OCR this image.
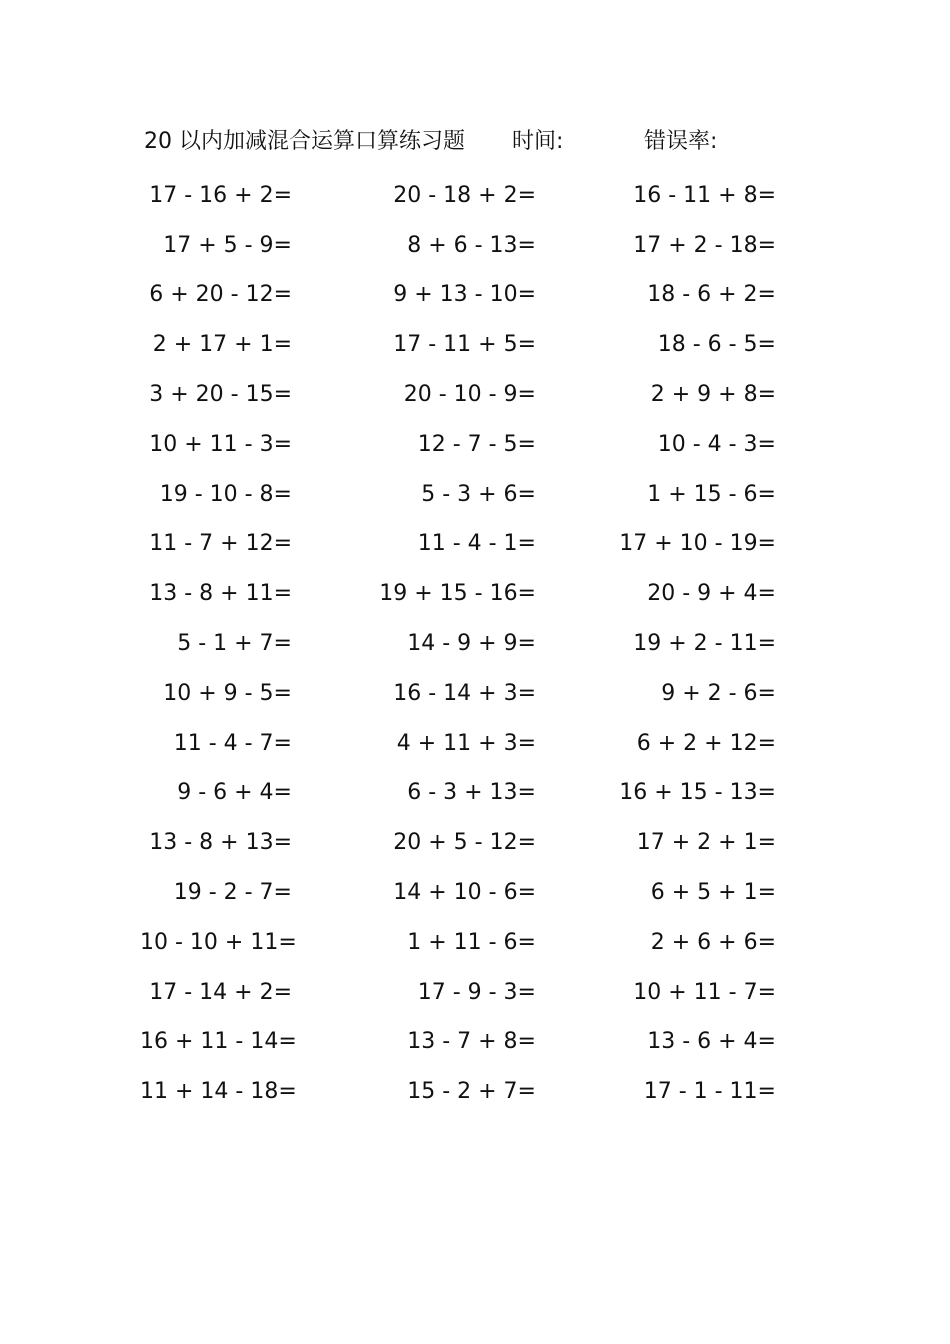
20 以内加减混合运算口算练习题 时间:	错误率:
17 - 16 + 2=	20 - 18 + 2=	16 - 11 + 8=
17 + 5 - 9=	8 + 6 - 13=	17 + 2 - 18=
6 + 20 - 12=	9 + 13 - 10=	18 - 6 + 2=
2 + 17 + 1=	17 - 11 + 5=	18 - 6 - 5=
3 + 20 - 15=	20 - 10 - 9=	2 + 9 + 8=
10 + 11 - 3=	12 - 7 - 5=	10 - 4 - 3=
19 - 10 - 8=	5 - 3 + 6=	1 + 15 - 6=
11 - 7 + 12=	11 - 4 - 1=	17 + 10 - 19=
13 - 8 + 11=	19 + 15 - 16=	20 - 9 + 4=
5 - 1 + 7=	14 - 9 + 9=	19 + 2 - 11=
10 + 9 - 5=	16 - 14 + 3=	9 + 2 - 6=
11 - 4 - 7=	4 + 11 + 3=	6 + 2 + 12=
9 - 6 + 4=	6 - 3 + 13=	16 + 15 - 13=
13 - 8 + 13=	20 + 5 - 12=	17 + 2 + 1=
19 - 2 - 7=	14 + 10 - 6=	6 + 5 + 1=
10 - 10 + 11=	1 + 11 - 6=	2 + 6 + 6=
17 - 14 + 2=	17 - 9 - 3=	10 + 11 - 7=
16 + 11 - 14=	13 - 7 + 8=	13 - 6 + 4=
11 + 14 - 18=	15 - 2 + 7=	17 - 1 - 11=
